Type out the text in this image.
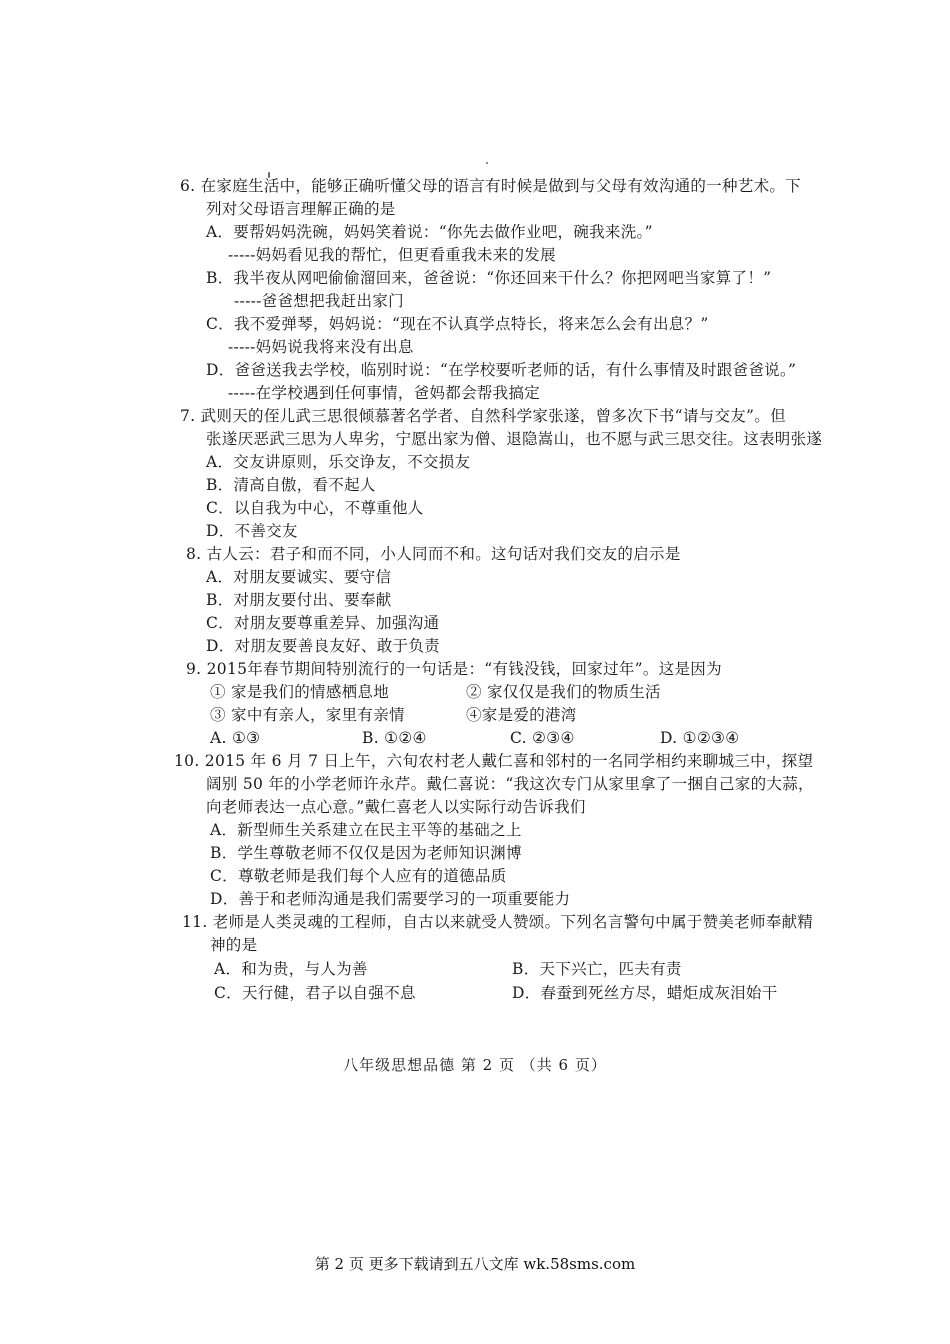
6. 在家庭生活中，能够正确听懂父母的语言有时候是做到与父母有效沟通的一种艺术。下
列对父母语言理解正确的是
A．要帮妈妈洗碗，妈妈笑着说：“你先去做作业吧，碗我来洗。”
-----妈妈看见我的帮忙，但更看重我未来的发展
B．我半夜从网吧偷偷溜回来，爸爸说：“你还回来干什么？你把网吧当家算了！”
-----爸爸想把我赶出家门
C．我不爱弹琴，妈妈说：“现在不认真学点特长，将来怎么会有出息？”
-----妈妈说我将来没有出息
D．爸爸送我去学校，临别时说：“在学校要听老师的话，有什么事情及时跟爸爸说。”
-----在学校遇到任何事情，爸妈都会帮我搞定
7. 武则天的侄儿武三思很倾慕著名学者、自然科学家张遂，曾多次下书“请与交友”。但
张遂厌恶武三思为人卑劣，宁愿出家为僧、退隐嵩山，也不愿与武三思交往。这表明张遂
A．交友讲原则，乐交诤友，不交损友
B．清高自傲，看不起人
C．以自我为中心，不尊重他人
D．不善交友
8. 古人云：君子和而不同，小人同而不和。这句话对我们交友的启示是
A．对朋友要诚实、要守信
B．对朋友要付出、要奉献
C．对朋友要尊重差异、加强沟通
D．对朋友要善良友好、敢于负责
9. 2015年春节期间特别流行的一句话是：“有钱没钱，回家过年”。这是因为
① 家是我们的情感栖息地	② 家仅仅是我们的物质生活
③ 家中有亲人，家里有亲情	④家是爱的港湾
A. ①③	B. ①②④	C. ②③④	D. ①②③④
10. 2015 年 6 月 7 日上午，六旬农村老人戴仁喜和邻村的一名同学相约来聊城三中，探望
阔别 50 年的小学老师许永芹。戴仁喜说：“我这次专门从家里拿了一捆自己家的大蒜，
向老师表达一点心意。”戴仁喜老人以实际行动告诉我们
A．新型师生关系建立在民主平等的基础之上
B．学生尊敬老师不仅仅是因为老师知识渊博
C．尊敬老师是我们每个人应有的道德品质
D．善于和老师沟通是我们需要学习的一项重要能力
11. 老师是人类灵魂的工程师，自古以来就受人赞颂。下列名言警句中属于赞美老师奉献精
神的是
A．和为贵，与人为善	B．天下兴亡，匹夫有责
C．天行健，君子以自强不息	D．春蚕到死丝方尽，蜡炬成灰泪始干
八年级思想品德 第 2 页 （共 6 页）
第 2 页 更多下载请到五八文库 wk.58sms.com
